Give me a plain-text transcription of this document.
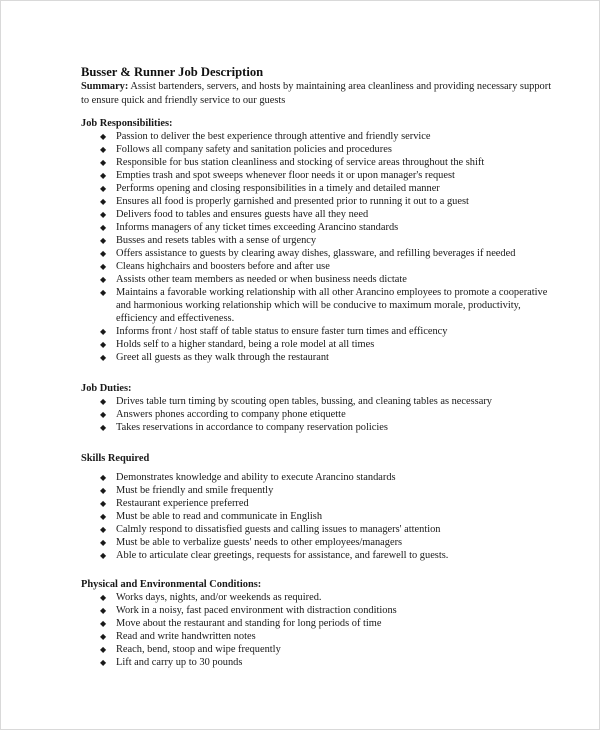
Busser & Runner Job Description

Summary: Assist bartenders, servers, and hosts by maintaining area cleanliness and providing necessary support to ensure quick and friendly service to our guests

Job Responsibilities:
◆ Passion to deliver the best experience through attentive and friendly service
◆ Follows all company safety and sanitation policies and procedures
◆ Responsible for bus station cleanliness and stocking of service areas throughout the shift
◆ Empties trash and spot sweeps whenever floor needs it or upon manager's request
◆ Performs opening and closing responsibilities in a timely and detailed manner
◆ Ensures all food is properly garnished and presented prior to running it out to a guest
◆ Delivers food to tables and ensures guests have all they need
◆ Informs managers of any ticket times exceeding Arancino standards
◆ Busses and resets tables with a sense of urgency
◆ Offers assistance to guests by clearing away dishes, glassware, and refilling beverages if needed
◆ Cleans highchairs and boosters before and after use
◆ Assists other team members as needed or when business needs dictate
◆ Maintains a favorable working relationship with all other Arancino employees to promote a cooperative and harmonious working relationship which will be conducive to maximum morale, productivity, efficiency and effectiveness.
◆ Informs front / host staff of table status to ensure faster turn times and efficency
◆ Holds self to a higher standard, being a role model at all times
◆ Greet all guests as they walk through the restaurant
Job Duties:
◆ Drives table turn timing by scouting open tables, bussing, and cleaning tables as necessary
◆ Answers phones according to company phone etiquette
◆ Takes reservations in accordance to company reservation policies
Skills Required
◆ Demonstrates knowledge and ability to execute Arancino standards
◆ Must be friendly and smile frequently
◆ Restaurant experience preferred
◆ Must be able to read and communicate in English
◆ Calmly respond to dissatisfied guests and calling issues to managers' attention
◆ Must be able to verbalize guests' needs to other employees/managers
◆ Able to articulate clear greetings, requests for assistance, and farewell to guests.
Physical and Environmental Conditions:
◆ Works days, nights, and/or weekends as required.
◆ Work in a noisy, fast paced environment with distraction conditions
◆ Move about the restaurant and standing for long periods of time
◆ Read and write handwritten notes
◆ Reach, bend, stoop and wipe frequently
◆ Lift and carry up to 30 pounds
